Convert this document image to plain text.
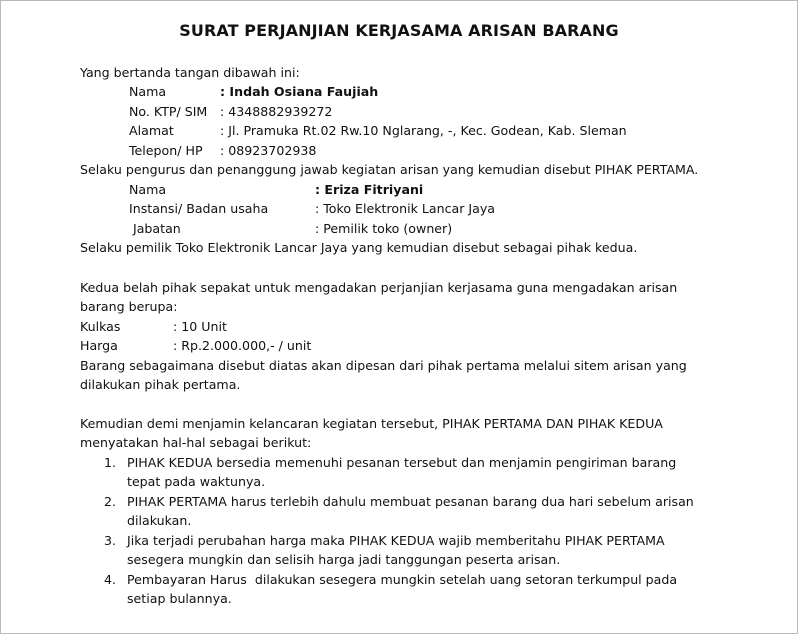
SURAT PERJANJIAN KERJASAMA ARISAN BARANG
Yang bertanda tangan dibawah ini:
Nama	: Indah Osiana Faujiah
No. KTP/ SIM : 4348882939272
Alamat	: Jl. Pramuka Rt.02 Rw.10 Nglarang, -, Kec. Godean, Kab. Sleman
Telepon/ HP : 08923702938
Selaku pengurus dan penanggung jawab kegiatan arisan yang kemudian disebut PIHAK PERTAMA.
Nama	: Eriza Fitriyani
Instansi/ Badan usaha	: Toko Elektronik Lancar Jaya
Jabatan	: Pemilik toko (owner)
Selaku pemilik Toko Elektronik Lancar Jaya yang kemudian disebut sebagai pihak kedua.
Kedua belah pihak sepakat untuk mengadakan perjanjian kerjasama guna mengadakan arisan
barang berupa:
Kulkas	: 10 Unit
Harga	: Rp.2.000.000,- / unit
Barang sebagaimana disebut diatas akan dipesan dari pihak pertama melalui sitem arisan yang
dilakukan pihak pertama.
Kemudian demi menjamin kelancaran kegiatan tersebut, PIHAK PERTAMA DAN PIHAK KEDUA
menyatakan hal-hal sebagai berikut:
1. PIHAK KEDUA bersedia memenuhi pesanan tersebut dan menjamin pengiriman barang
tepat pada waktunya.
2. PIHAK PERTAMA harus terlebih dahulu membuat pesanan barang dua hari sebelum arisan
dilakukan.
3. Jika terjadi perubahan harga maka PIHAK KEDUA wajib memberitahu PIHAK PERTAMA
sesegera mungkin dan selisih harga jadi tanggungan peserta arisan.
4. Pembayaran Harus  dilakukan sesegera mungkin setelah uang setoran terkumpul pada
setiap bulannya.
